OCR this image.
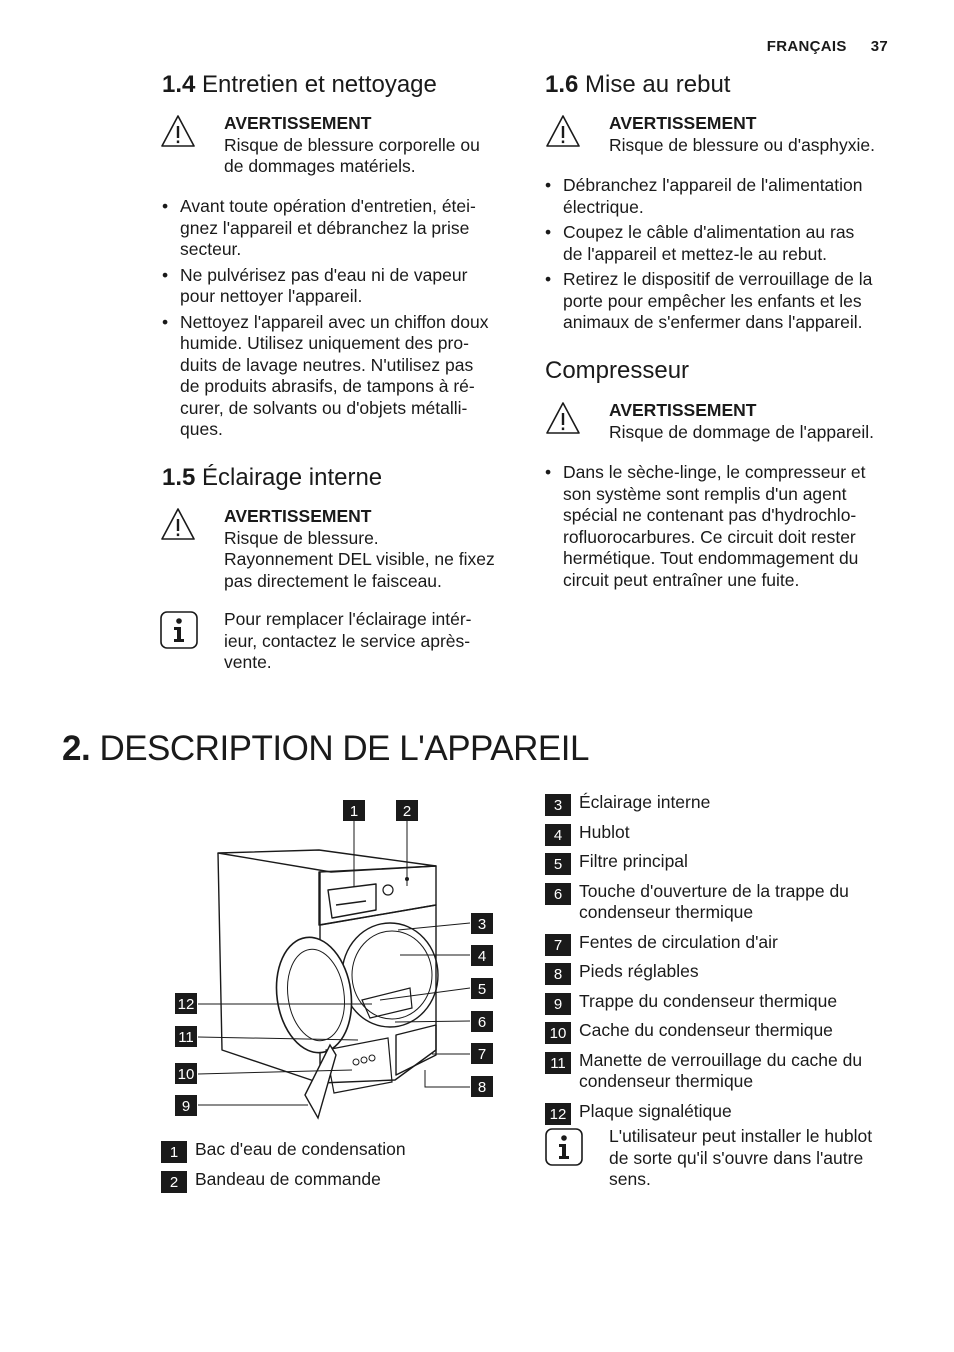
FRANÇAIS 37
1.4 Entretien et nettoyage
AVERTISSEMENT
Risque de blessure corporelle ou
de dommages matériels.
• Avant toute opération d'entretien, étei-
gnez l'appareil et débranchez la prise
secteur.
• Ne pulvérisez pas d'eau ni de vapeur
pour nettoyer l'appareil.
• Nettoyez l'appareil avec un chiffon doux
humide. Utilisez uniquement des pro-
duits de lavage neutres. N'utilisez pas
de produits abrasifs, de tampons à ré-
curer, de solvants ou d'objets métalli-
ques.
1.5 Éclairage interne
AVERTISSEMENT
Risque de blessure.
Rayonnement DEL visible, ne fixez
pas directement le faisceau.
Pour remplacer l'éclairage intér-
ieur, contactez le service après-
vente.
1.6 Mise au rebut
AVERTISSEMENT
Risque de blessure ou d'asphyxie.
• Débranchez l'appareil de l'alimentation
électrique.
• Coupez le câble d'alimentation au ras
de l'appareil et mettez-le au rebut.
• Retirez le dispositif de verrouillage de la
porte pour empêcher les enfants et les
animaux de s'enfermer dans l'appareil.
Compresseur
AVERTISSEMENT
Risque de dommage de l'appareil.
• Dans le sèche-linge, le compresseur et
son système sont remplis d'un agent
spécial ne contenant pas d'hydrochlo-
rofluorocarbures. Ce circuit doit rester
hermétique. Tout endommagement du
circuit peut entraîner une fuite.
2. DESCRIPTION DE L'APPAREIL
1	2
3
4
5
6
7
8
9
10
11
12
1 Bac d'eau de condensation
2 Bandeau de commande
3 Éclairage interne
4 Hublot
5 Filtre principal
6 Touche d'ouverture de la trappe du
condenseur thermique
7 Fentes de circulation d'air
8 Pieds réglables
9 Trappe du condenseur thermique
10 Cache du condenseur thermique
11 Manette de verrouillage du cache du
condenseur thermique
12 Plaque signalétique
L'utilisateur peut installer le hublot
de sorte qu'il s'ouvre dans l'autre
sens.
